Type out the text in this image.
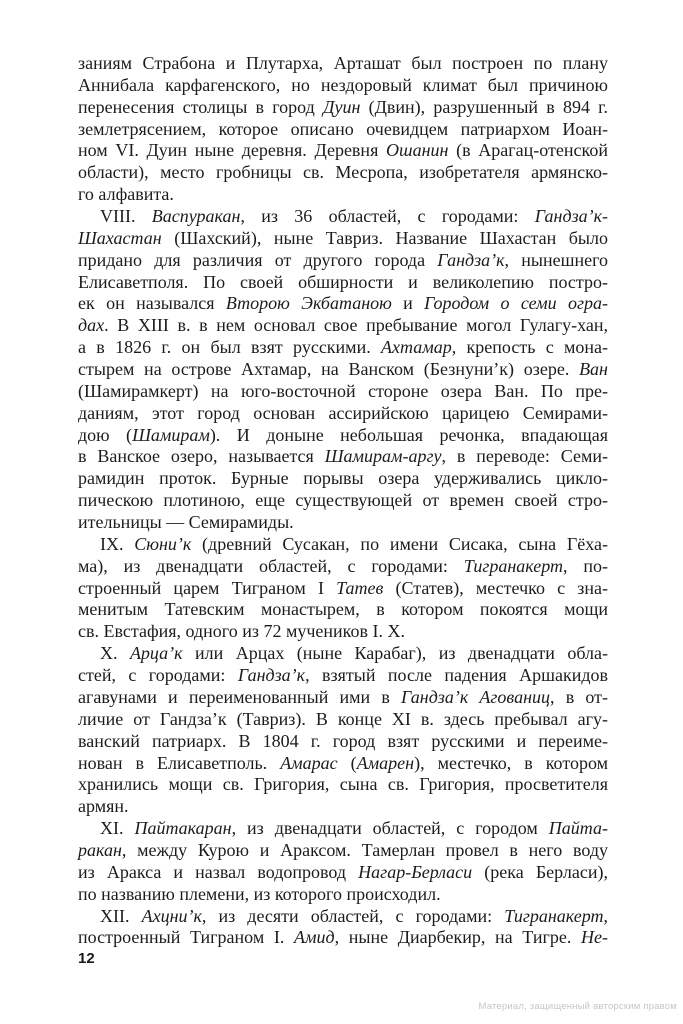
заниям Страбона и Плутарха, Арташат был построен по плану
Аннибала карфагенского, но нездоровый климат был причиною
перенесения столицы в город Дуин (Двин), разрушенный в 894 г.
землетрясением, которое описано очевидцем патриархом Иоан-
ном VI. Дуин ныне деревня. Деревня Ошанин (в Арагац-отенской
области), место гробницы св. Месропа, изобретателя армянско-
го алфавита.
VIII. Васпуракан, из 36 областей, с городами: Гандза’к-
Шахастан (Шахский), ныне Тавриз. Название Шахастан было
придано для различия от другого города Гандза’к, нынешнего
Елисаветполя. По своей обширности и великолепию постро-
ек он назывался Второю Экбатаною и Городом о семи огра-
дах. В XIII в. в нем основал свое пребывание могол Гулагу-хан,
а в 1826 г. он был взят русскими. Ахтамар, крепость с мона-
стырем на острове Ахтамар, на Ванском (Безнуни’к) озере. Ван
(Шамирамкерт) на юго-восточной стороне озера Ван. По пре-
даниям, этот город основан ассирийскою царицею Семирами-
дою (Шамирам). И доныне небольшая речонка, впадающая
в Ванское озеро, называется Шамирам-аргу, в переводе: Семи-
рамидин проток. Бурные порывы озера удерживались цикло-
пическою плотиною, еще существующей от времен своей стро-
ительницы — Семирамиды.
IX. Сюни’к (древний Сусакан, по имени Сисака, сына Гёха-
ма), из двенадцати областей, с городами: Тигранакерт, по-
строенный царем Тиграном I Татев (Статев), местечко с зна-
менитым Татевским монастырем, в котором покоятся мощи
св. Евстафия, одного из 72 мучеников I. Х.
X. Арца’к или Арцах (ныне Карабаг), из двенадцати обла-
стей, с городами: Гандза’к, взятый после падения Аршакидов
агавунами и переименованный ими в Гандза’к Агованиц, в от-
личие от Гандза’к (Тавриз). В конце XI в. здесь пребывал агу-
ванский патриарх. В 1804 г. город взят русскими и переиме-
нован в Елисаветполь. Амарас (Амарен), местечко, в котором
хранились мощи св. Григория, сына св. Григория, просветителя
армян.
XI. Пайтакаран, из двенадцати областей, с городом Пайта-
ракан, между Курою и Араксом. Тамерлан провел в него воду
из Аракса и назвал водопровод Нагар-Берласи (река Берласи),
по названию племени, из которого происходил.
XII. Ахцни’к, из десяти областей, с городами: Тигранакерт,
построенный Тиграном I. Амид, ныне Диарбекир, на Тигре. Не-
12
Материал, защищенный авторским правом
